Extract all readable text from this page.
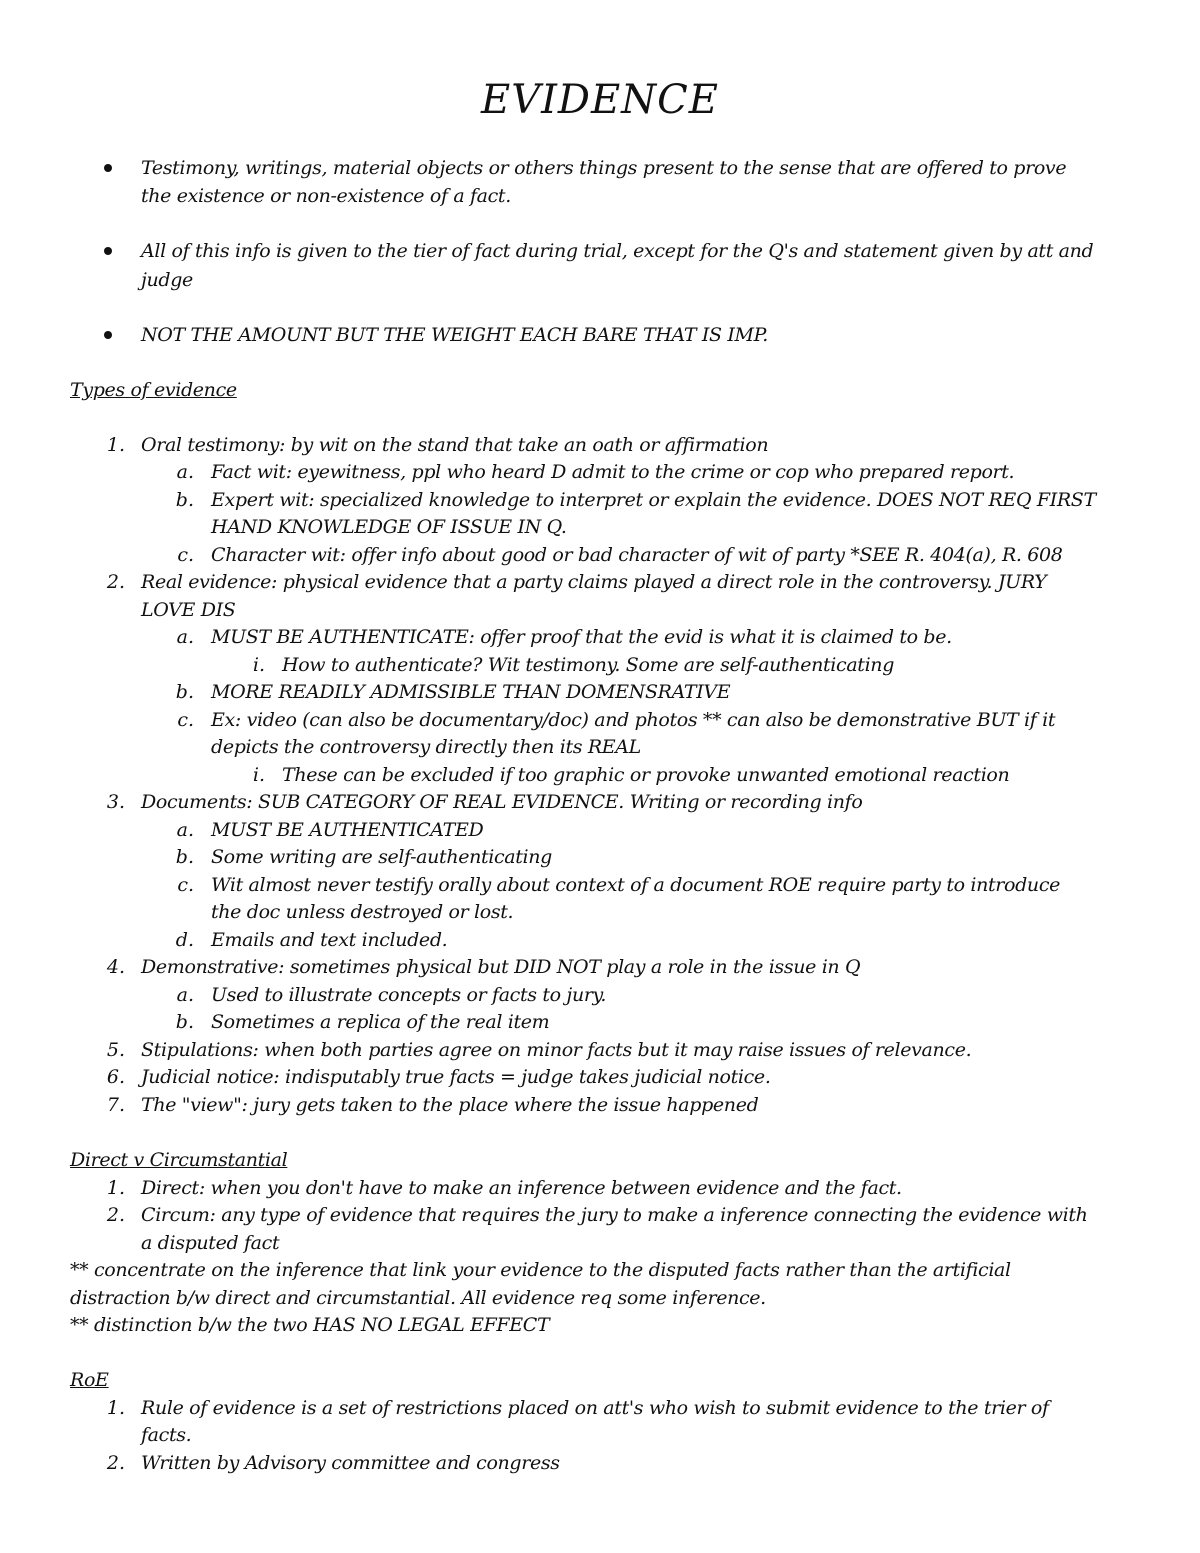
EVIDENCE
Testimony, writings, material objects or others things present to the sense that are offered to prove
the existence or non-existence of a fact.
All of this info is given to the tier of fact during trial, except for the Q's and statement given by att and
judge
NOT THE AMOUNT BUT THE WEIGHT EACH BARE THAT IS IMP.
Types of evidence
1. Oral testimony: by wit on the stand that take an oath or affirmation
a. Fact wit: eyewitness, ppl who heard D admit to the crime or cop who prepared report.
b. Expert wit: specialized knowledge to interpret or explain the evidence. DOES NOT REQ FIRST
HAND KNOWLEDGE OF ISSUE IN Q.
c. Character wit: offer info about good or bad character of wit of party *SEE R. 404(a), R. 608
2. Real evidence: physical evidence that a party claims played a direct role in the controversy. JURY
LOVE DIS
a. MUST BE AUTHENTICATE: offer proof that the evid is what it is claimed to be.
i. How to authenticate? Wit testimony. Some are self-authenticating
b. MORE READILY ADMISSIBLE THAN DOMENSRATIVE
c. Ex: video (can also be documentary/doc) and photos ** can also be demonstrative BUT if it
depicts the controversy directly then its REAL
i. These can be excluded if too graphic or provoke unwanted emotional reaction
3. Documents: SUB CATEGORY OF REAL EVIDENCE. Writing or recording info
a. MUST BE AUTHENTICATED
b. Some writing are self-authenticating
c. Wit almost never testify orally about context of a document ROE require party to introduce
the doc unless destroyed or lost.
d. Emails and text included.
4. Demonstrative: sometimes physical but DID NOT play a role in the issue in Q
a. Used to illustrate concepts or facts to jury.
b. Sometimes a replica of the real item
5. Stipulations: when both parties agree on minor facts but it may raise issues of relevance.
6. Judicial notice: indisputably true facts = judge takes judicial notice.
7. The "view": jury gets taken to the place where the issue happened
Direct v Circumstantial
1. Direct: when you don't have to make an inference between evidence and the fact.
2. Circum: any type of evidence that requires the jury to make a inference connecting the evidence with
a disputed fact
** concentrate on the inference that link your evidence to the disputed facts rather than the artificial
distraction b/w direct and circumstantial. All evidence req some inference.
** distinction b/w the two HAS NO LEGAL EFFECT
RoE
1. Rule of evidence is a set of restrictions placed on att's who wish to submit evidence to the trier of
facts.
2. Written by Advisory committee and congress
